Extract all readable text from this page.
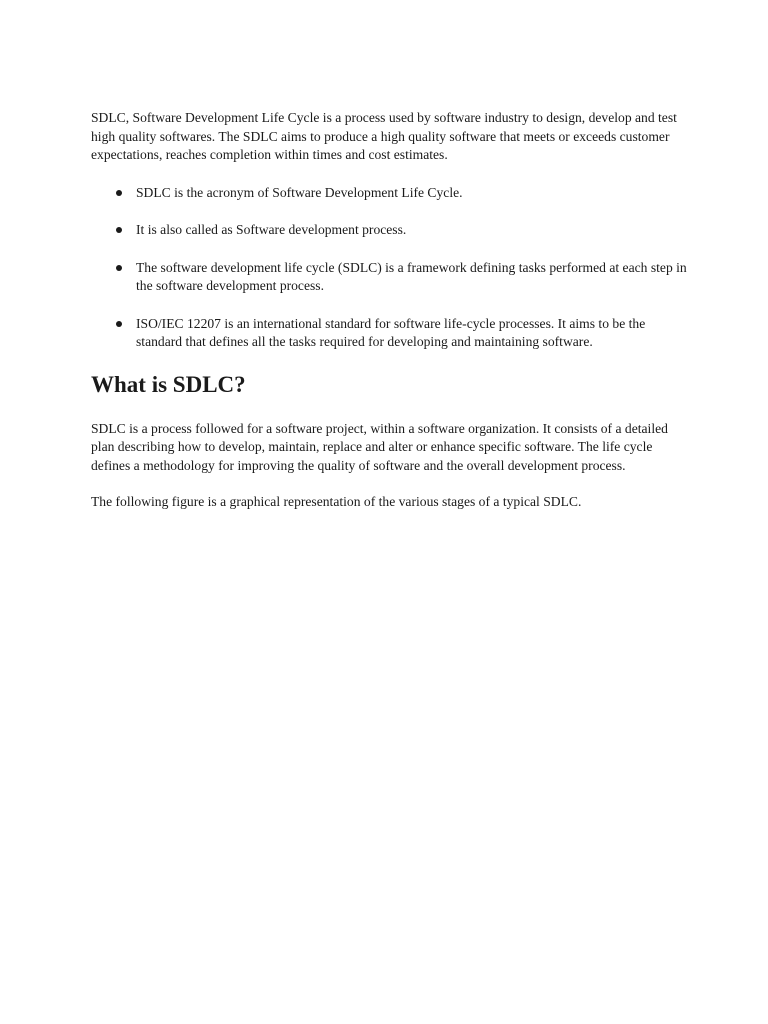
SDLC, Software Development Life Cycle is a process used by software industry to design, develop and test high quality softwares. The SDLC aims to produce a high quality software that meets or exceeds customer expectations, reaches completion within times and cost estimates.

SDLC is the acronym of Software Development Life Cycle.
It is also called as Software development process.
The software development life cycle (SDLC) is a framework defining tasks performed at each step in the software development process.
ISO/IEC 12207 is an international standard for software life-cycle processes. It aims to be the standard that defines all the tasks required for developing and maintaining software.
What is SDLC?

SDLC is a process followed for a software project, within a software organization. It consists of a detailed plan describing how to develop, maintain, replace and alter or enhance specific software. The life cycle defines a methodology for improving the quality of software and the overall development process.

The following figure is a graphical representation of the various stages of a typical SDLC.
